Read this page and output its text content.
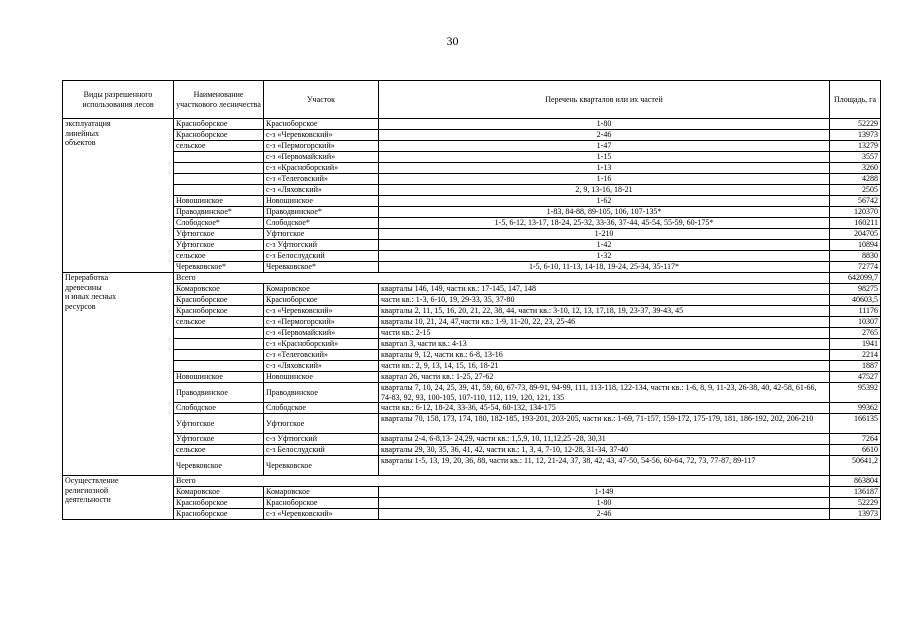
30
Виды разрешенного использования лесов	Наименование участкового лесничества	Участок	Перечень кварталов или их частей	Площадь, га

эксплуатация
линейных
объектов	Красноборское	Красноборское	1-80	52229
	Красноборское	с-з «Черевковский»	2-46	13973
	сельское	с-з «Пермогорский»	1-47	13279
		с-з «Первомайский»	1-15	3557
		с-з «Красноборский»	1-13	3260
		с-з «Телеговский»	1-16	4288
		с-з «Ляховский»	2, 9, 13-16, 18-21	2505
	Новошинское	Новошинское	1-62	56742
	Праводвинское*	Праводвинское*	1-83, 84-88, 89-105, 106, 107-135*	120370
	Слободское*	Слободское*	1-5, 6-12, 13-17, 18-24, 25-32, 33-36, 37-44, 45-54, 55-59, 60-175*	160211
	Уфтюгское	Уфтюгское	1-210	204705
	Уфтюгское	с-з Уфтюгский	1-42	10894
	сельское	с-з Белослудский	1-32	8830
	Черевковское*	Черевковское*	1-5, 6-10, 11-13, 14-18, 19-24, 25-34, 35-117*	72774

Переработка
древесины
и иных лесных
ресурсов	Всего			642099,7
	Комаровское	Комаровское	кварталы 146, 149, части кв.: 17-145, 147, 148	98275
	Красноборское	Красноборское	части кв.: 1-3, 6-10, 19, 29-33, 35, 37-80	40603,5
	Красноборское	с-з «Черевковский»	кварталы 2, 11, 15, 16, 20, 21, 22, 38, 44, части кв.: 3-10, 12, 13, 17,18, 19, 23-37, 39-43, 45	11176
	сельское	с-з «Пермогорский»	кварталы 10, 21, 24, 47,части кв.: 1-9, 11-20, 22, 23, 25-46	10307
		с-з «Первомайский»	части кв.: 2-15	2765
		с-з «Красноборский»	квартал 3, части кв.: 4-13	1941
		с-з «Телеговский»	кварталы 9, 12, части кв.: 6-8, 13-16	2214
		с-з «Ляховский»	части кв.: 2, 9, 13, 14, 15, 16, 18-21	1887
	Новошинское	Новошинское	квартал 26, части кв.: 1-25, 27-62	47527
	Праводвинское	Праводвинское	кварталы 7, 10, 24, 25, 39, 41, 59, 60, 67-73, 89-91, 94-99, 111, 113-118, 122-134, части кв.: 1-6, 8, 9, 11-23, 26-38, 40, 42-58, 61-66, 74-83, 92, 93, 100-105, 107-110, 112, 119, 120, 121, 135	95392
	Слободское	Слободское	части кв.: 6-12, 18-24, 33-36, 45-54, 60-132, 134-175	99362
	Уфтюгское	Уфтюгское	кварталы 70, 158, 173, 174, 180, 182-185, 193-201, 203-205, части кв.: 1-69, 71-157, 159-172, 175-179, 181, 186-192, 202, 206-210	166135
	Уфтюгское	с-з Уфтюгский	кварталы 2-4, 6-8,13- 24,29, части кв.: 1,5,9, 10, 11,12,25 -28, 30,31	7264
	сельское	с-з Белослудский	кварталы 29, 30, 35, 36, 41, 42, части кв.: 1, 3, 4, 7-10, 12-28, 31-34, 37-40	6610
	Черевковское	Черевковское	кварталы 1-5, 13, 19, 20, 36, 88, части кв.: 11, 12, 21-24, 37, 38, 42, 43, 47-50, 54-56, 60-64, 72, 73, 77-87, 89-117	50641,2

Осуществление
религиозной
деятельности	Всего			863804
	Комаровское	Комаровское	1-149	136187
	Красноборское	Красноборское	1-80	52229
	Красноборское	с-з «Черевковский»	2-46	13973
